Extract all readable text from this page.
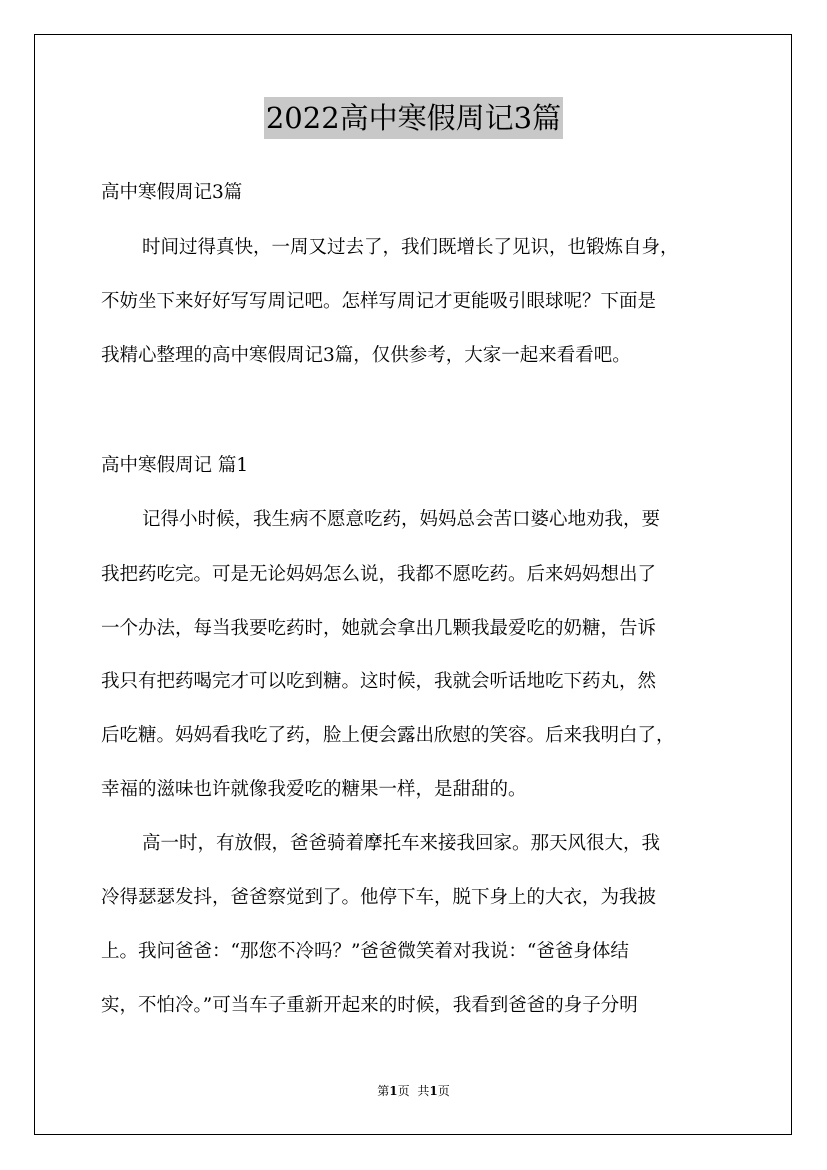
2022高中寒假周记3篇
高中寒假周记3篇
时间过得真快，一周又过去了，我们既增长了见识，也锻炼自身，
不妨坐下来好好写写周记吧。怎样写周记才更能吸引眼球呢？下面是
我精心整理的高中寒假周记3篇，仅供参考，大家一起来看看吧。
高中寒假周记 篇1
记得小时候，我生病不愿意吃药，妈妈总会苦口婆心地劝我，要
我把药吃完。可是无论妈妈怎么说，我都不愿吃药。后来妈妈想出了
一个办法，每当我要吃药时，她就会拿出几颗我最爱吃的奶糖，告诉
我只有把药喝完才可以吃到糖。这时候，我就会听话地吃下药丸，然
后吃糖。妈妈看我吃了药，脸上便会露出欣慰的笑容。后来我明白了，
幸福的滋味也许就像我爱吃的糖果一样，是甜甜的。
高一时，有放假，爸爸骑着摩托车来接我回家。那天风很大，我
冷得瑟瑟发抖，爸爸察觉到了。他停下车，脱下身上的大衣，为我披
上。我问爸爸：“那您不冷吗？”爸爸微笑着对我说：“爸爸身体结
实，不怕冷。”可当车子重新开起来的时候，我看到爸爸的身子分明
第1页 共1页
